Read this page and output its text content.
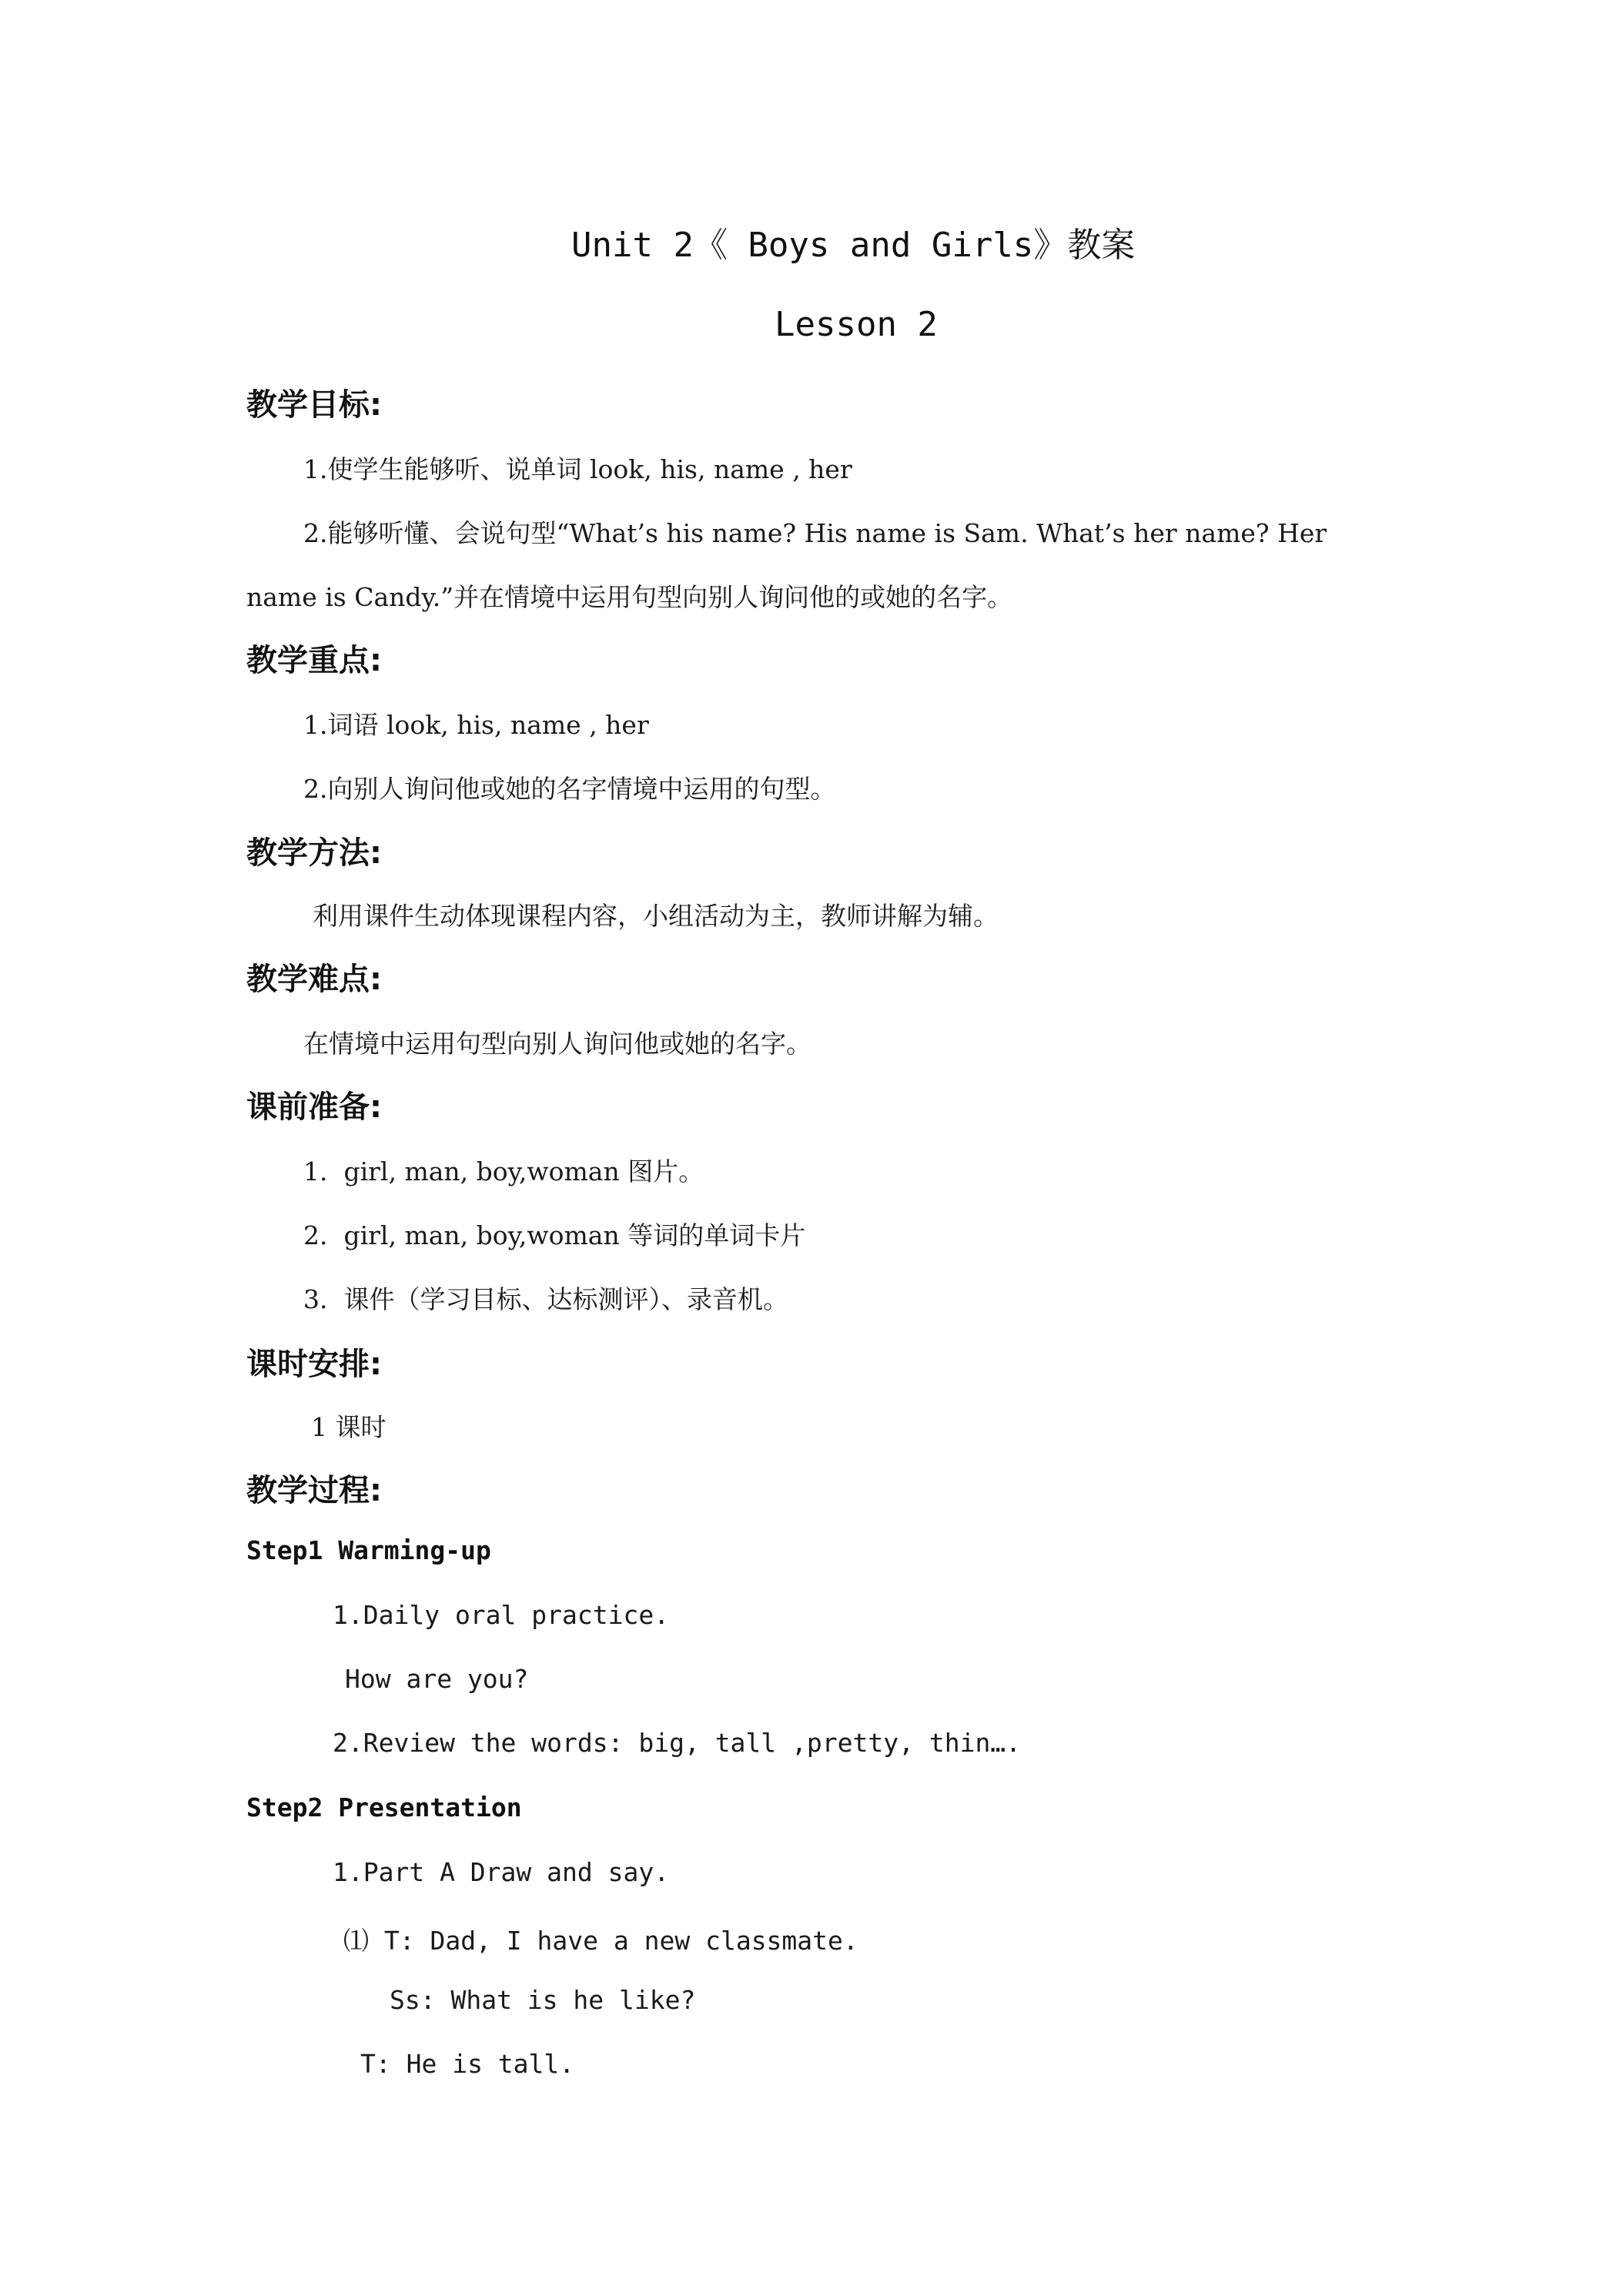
Unit 2《 Boys and Girls》教案
Lesson 2
教学目标:
1.使学生能够听、说单词 look, his, name , her
2.能够听懂、会说句型“What’s his name? His name is Sam. What’s her name? Her
name is Candy.”并在情境中运用句型向别人询问他的或她的名字。
教学重点:
1.词语 look, his, name , her
2.向别人询问他或她的名字情境中运用的句型。
教学方法:
利用课件生动体现课程内容，小组活动为主，教师讲解为辅。
教学难点:
在情境中运用句型向别人询问他或她的名字。
课前准备:
1.  girl, man, boy,woman 图片。
2.  girl, man, boy,woman 等词的单词卡片
3.  课件（学习目标、达标测评）、录音机。
课时安排:
1 课时
教学过程:
Step1 Warming-up
1.Daily oral practice.
How are you?
2.Review the words: big, tall ,pretty, thin….
Step2 Presentation
1.Part A Draw and say.
⑴ T: Dad, I have a new classmate.
Ss: What is he like?
T: He is tall.
